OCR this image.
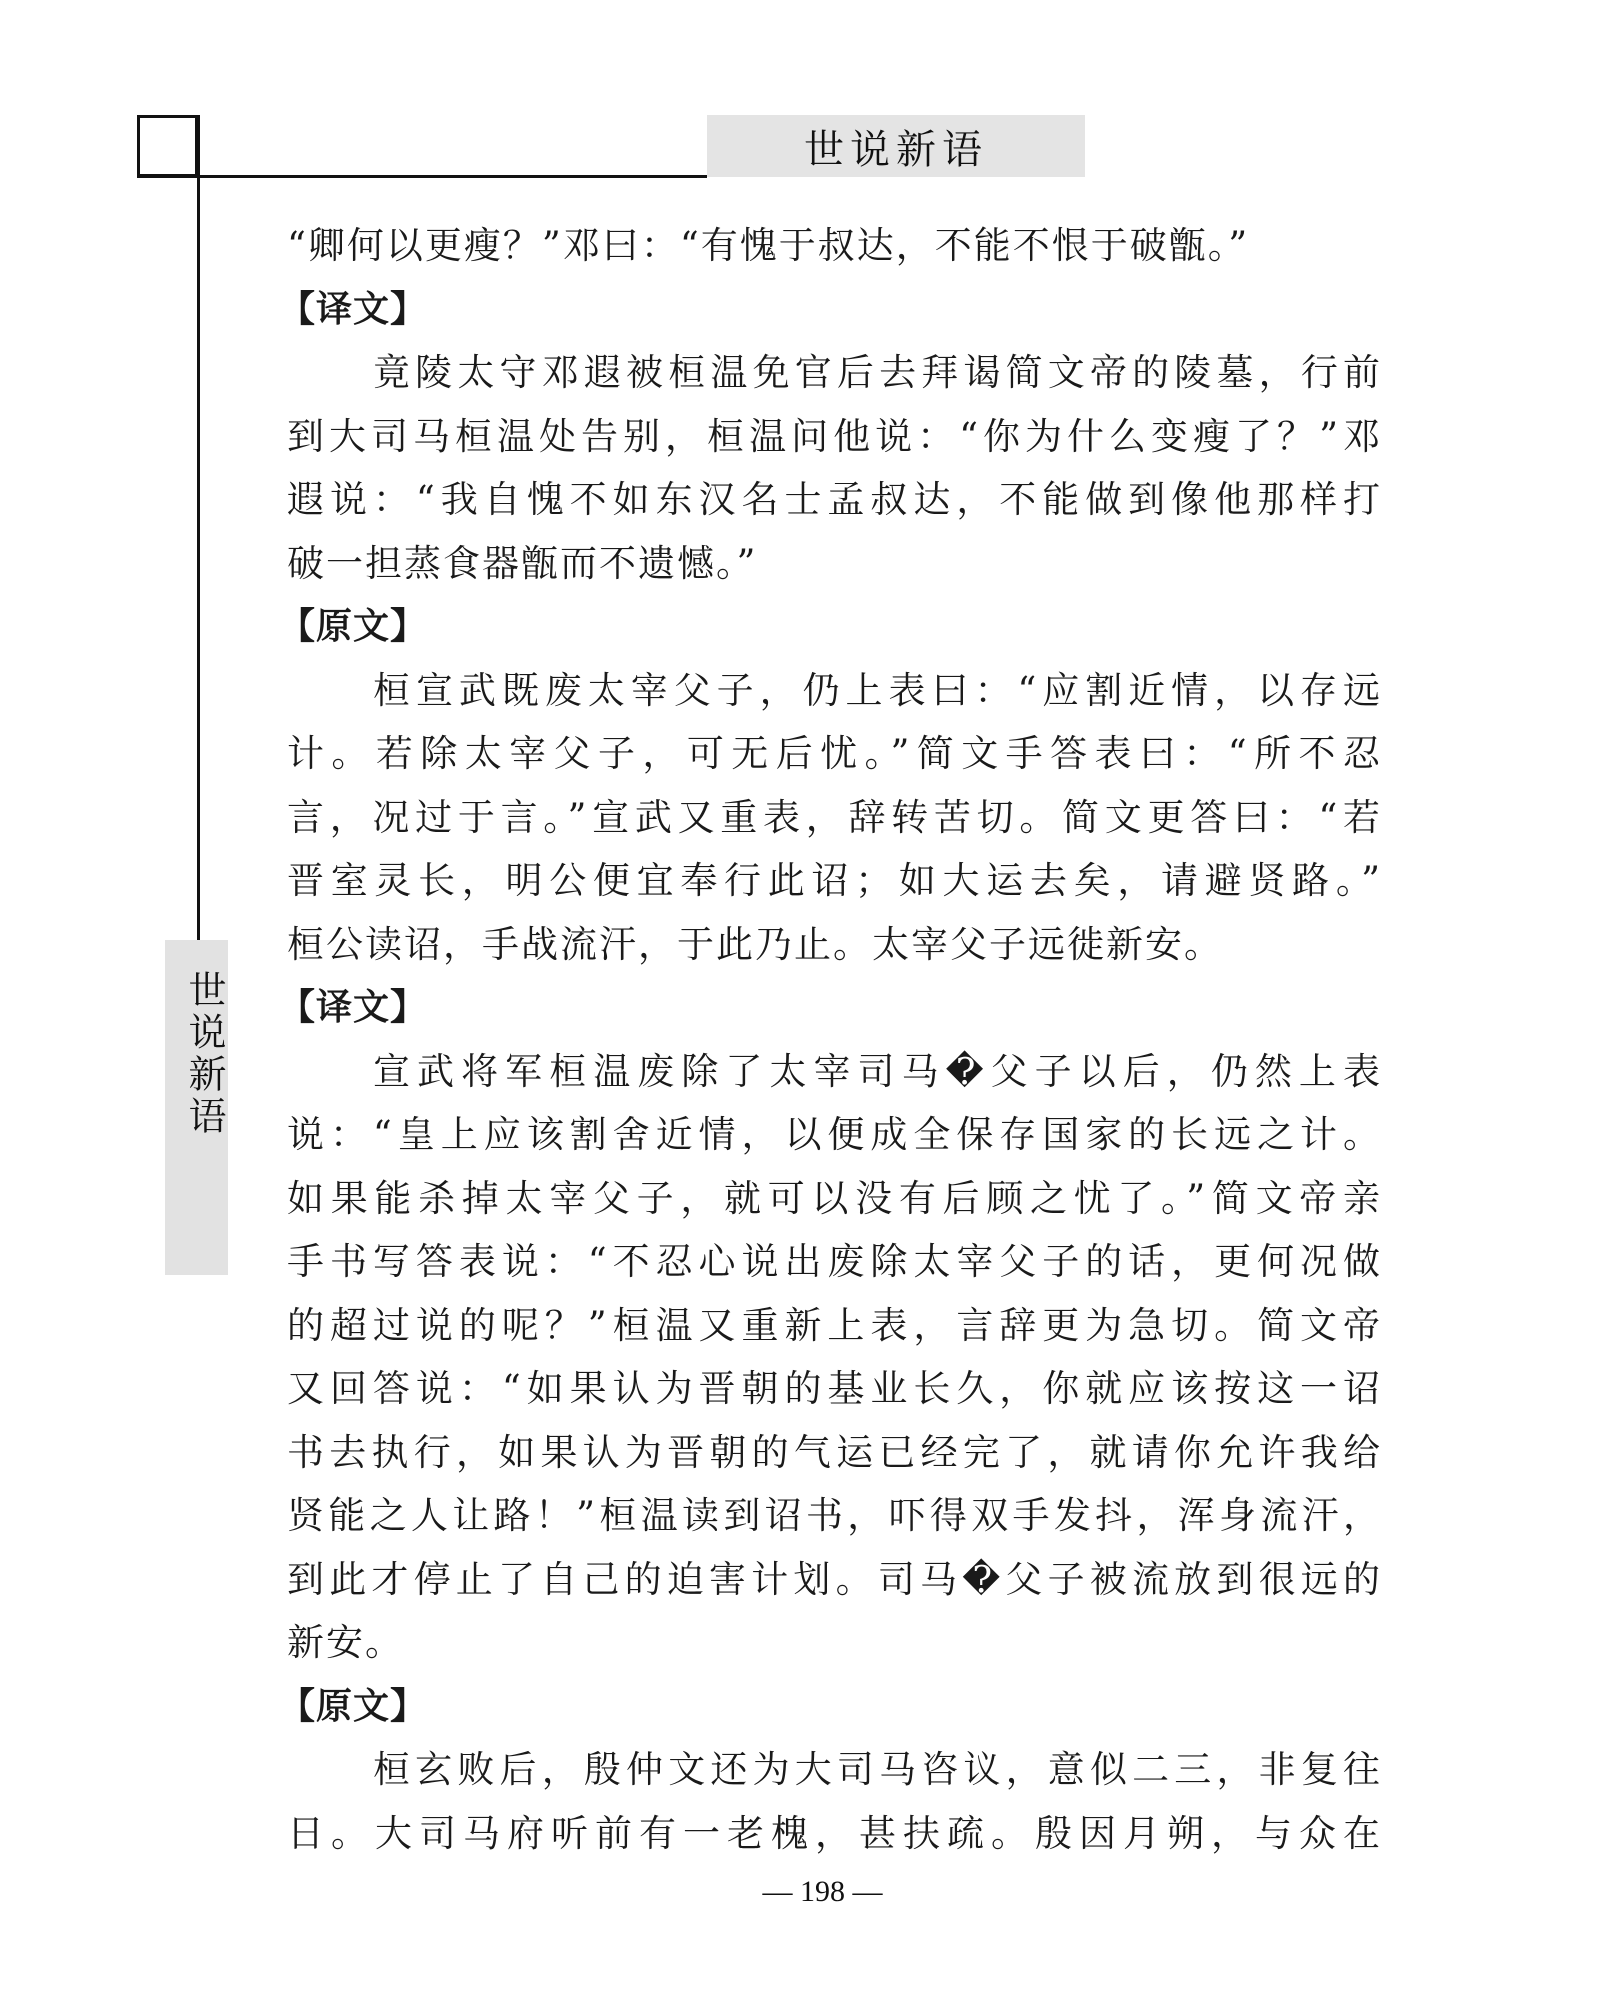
世说新语
世说新语
“卿何以更瘦？”邓曰：“有愧于叔达，不能不恨于破甑。”
【译文】
竟陵太守邓遐被桓温免官后去拜谒简文帝的陵墓，行前
到大司马桓温处告别，桓温问他说：“你为什么变瘦了？”邓
遐说：“我自愧不如东汉名士孟叔达，不能做到像他那样打
破一担蒸食器甑而不遗憾。”
【原文】
桓宣武既废太宰父子，仍上表曰：“应割近情，以存远
计。若除太宰父子，可无后忧。”简文手答表曰：“所不忍
言，况过于言。”宣武又重表，辞转苦切。简文更答曰：“若
晋室灵长，明公便宜奉行此诏；如大运去矣，请避贤路。”
桓公读诏，手战流汗，于此乃止。太宰父子远徙新安。
【译文】
宣武将军桓温废除了太宰司马�父子以后，仍然上表
说：“皇上应该割舍近情，以便成全保存国家的长远之计。
如果能杀掉太宰父子，就可以没有后顾之忧了。”简文帝亲
手书写答表说：“不忍心说出废除太宰父子的话，更何况做
的超过说的呢？”桓温又重新上表，言辞更为急切。简文帝
又回答说：“如果认为晋朝的基业长久，你就应该按这一诏
书去执行，如果认为晋朝的气运已经完了，就请你允许我给
贤能之人让路！”桓温读到诏书，吓得双手发抖，浑身流汗，
到此才停止了自己的迫害计划。司马�父子被流放到很远的
新安。
【原文】
桓玄败后，殷仲文还为大司马咨议，意似二三，非复往
日。大司马府听前有一老槐，甚扶疏。殷因月朔，与众在
— 198 —
